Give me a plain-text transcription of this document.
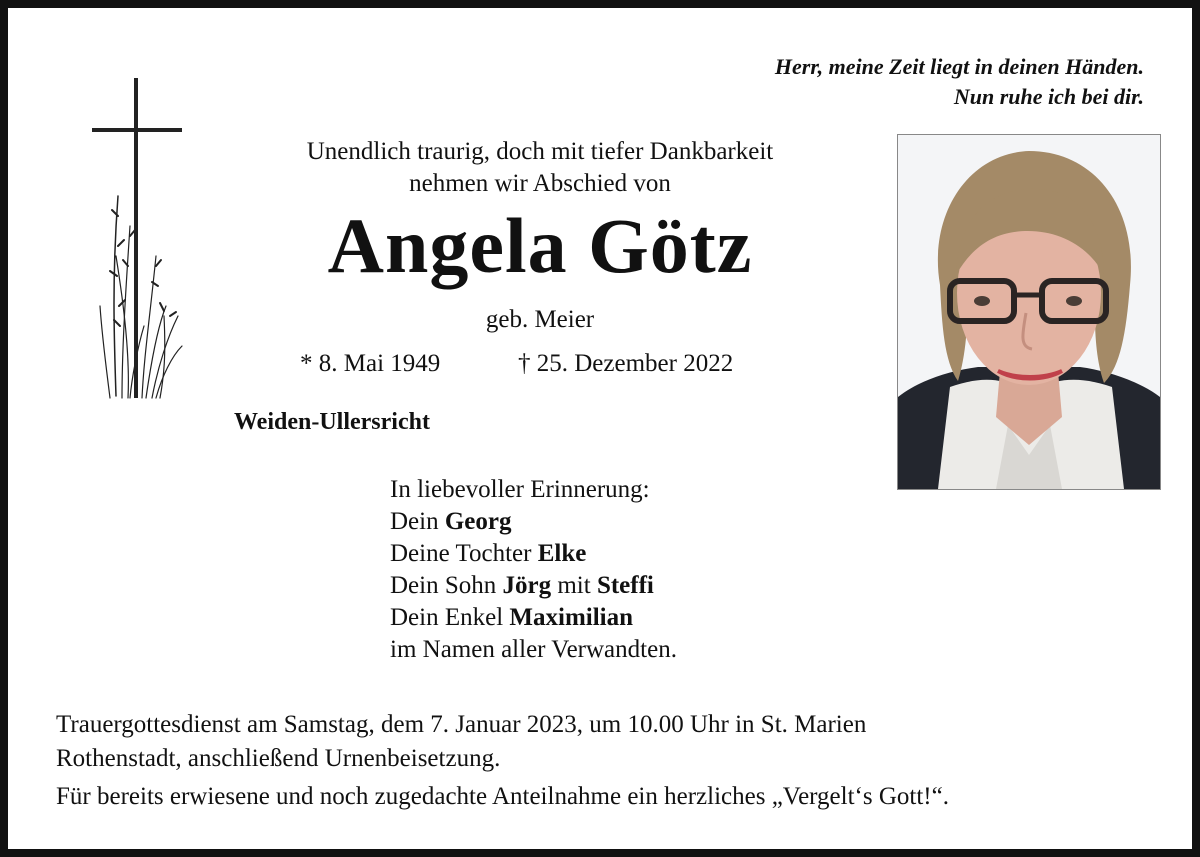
Herr, meine Zeit liegt in deinen Händen.
Nun ruhe ich bei dir.
Unendlich traurig, doch mit tiefer Dankbarkeit
nehmen wir Abschied von
Angela Götz
geb. Meier
* 8. Mai 1949	† 25. Dezember 2022
Weiden-Ullersricht
In liebevoller Erinnerung:
Dein Georg
Deine Tochter Elke
Dein Sohn Jörg mit Steffi
Dein Enkel Maximilian
im Namen aller Verwandten.
Trauergottesdienst am Samstag, dem 7. Januar 2023, um 10.00 Uhr in St. Marien
Rothenstadt, anschließend Urnenbeisetzung.
Für bereits erwiesene und noch zugedachte Anteilnahme ein herzliches „Vergelt‘s Gott!“.
